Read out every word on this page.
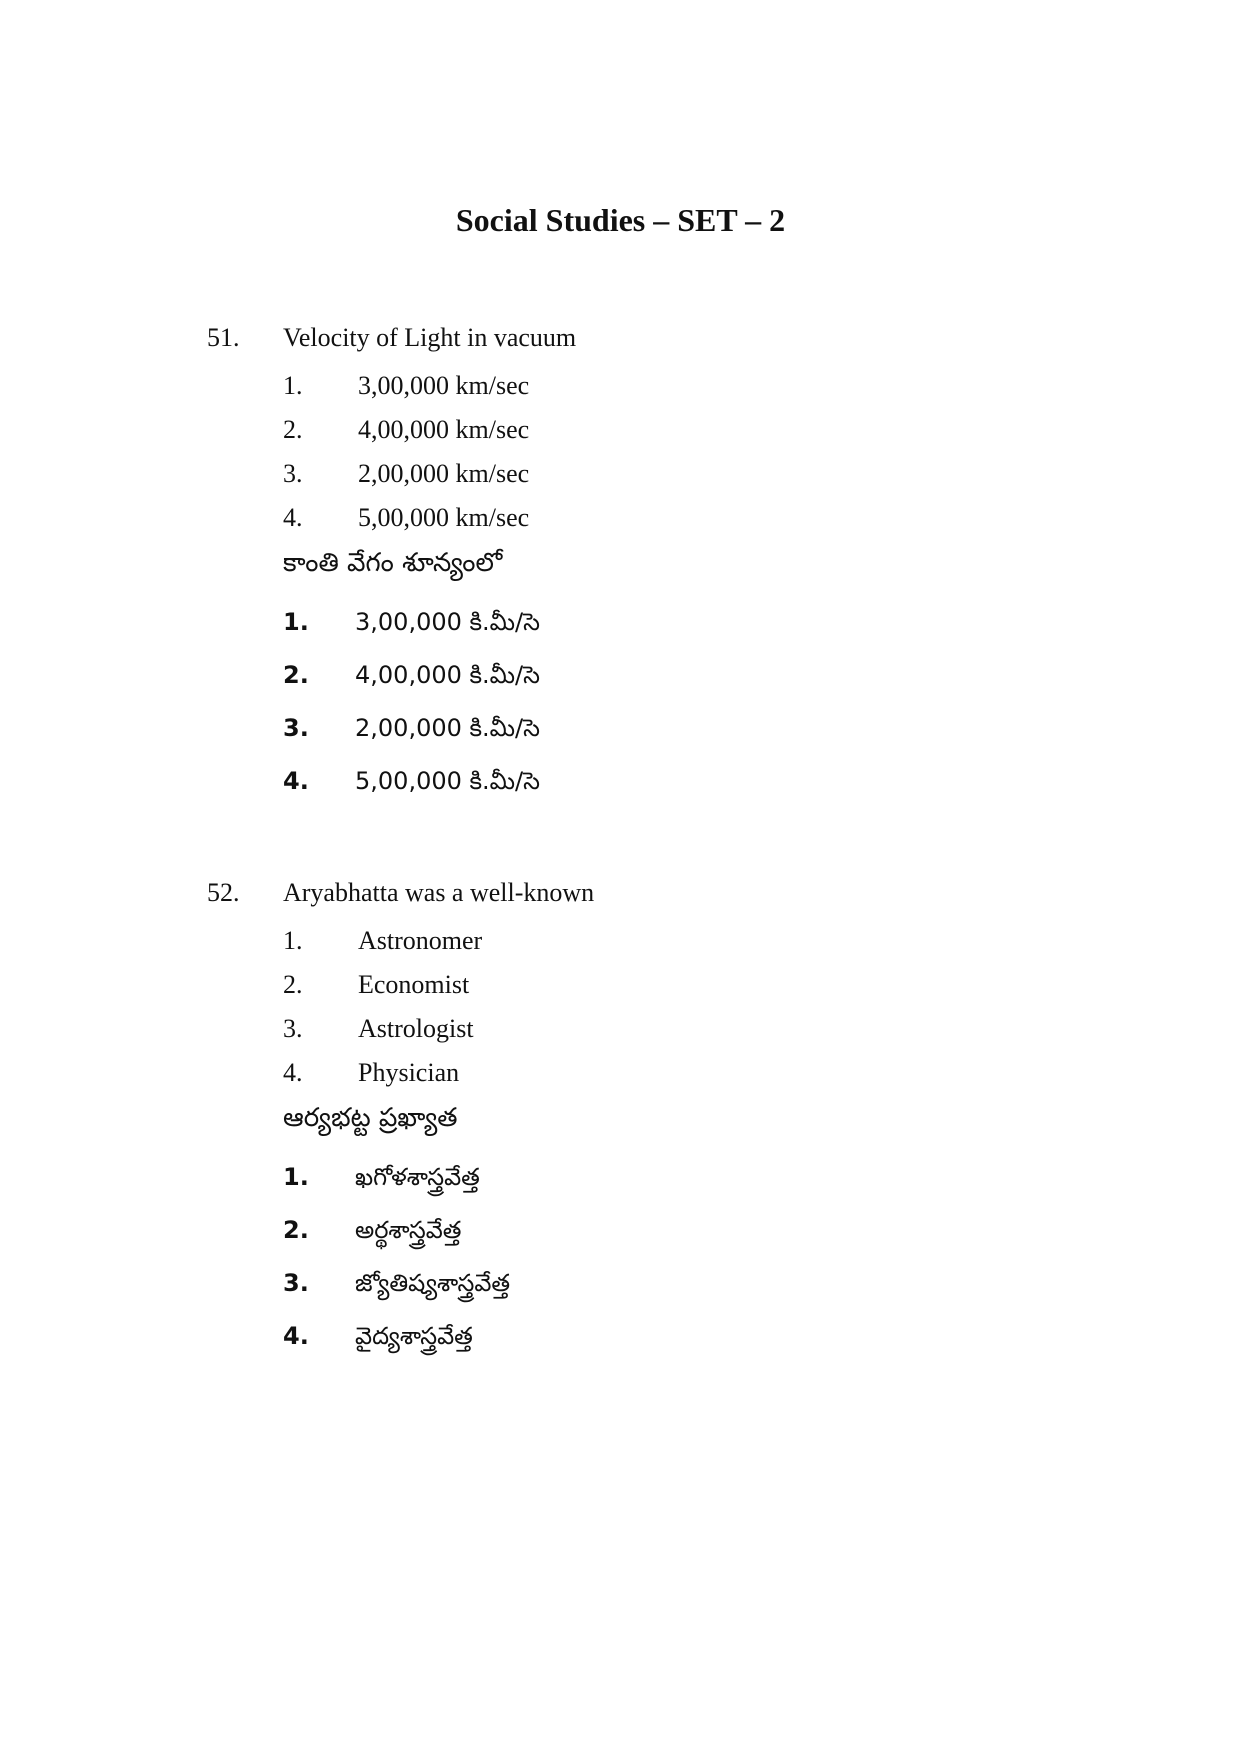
Social Studies – SET – 2
51. Velocity of Light in vacuum
1. 3,00,000 km/sec
2. 4,00,000 km/sec
3. 2,00,000 km/sec
4. 5,00,000 km/sec
కాంతి వేగం శూన్యంలో
1. 3,00,000 కి.మీ/సె
2. 4,00,000 కి.మీ/సె
3. 2,00,000 కి.మీ/సె
4. 5,00,000 కి.మీ/సె
52. Aryabhatta was a well-known
1. Astronomer
2. Economist
3. Astrologist
4. Physician
ఆర్యభట్ట ప్రఖ్యాత
1. ఖగోళశాస్త్రవేత్త
2. అర్థశాస్త్రవేత్త
3. జ్యోతిష్యశాస్త్రవేత్త
4. వైద్యశాస్త్రవేత్త
